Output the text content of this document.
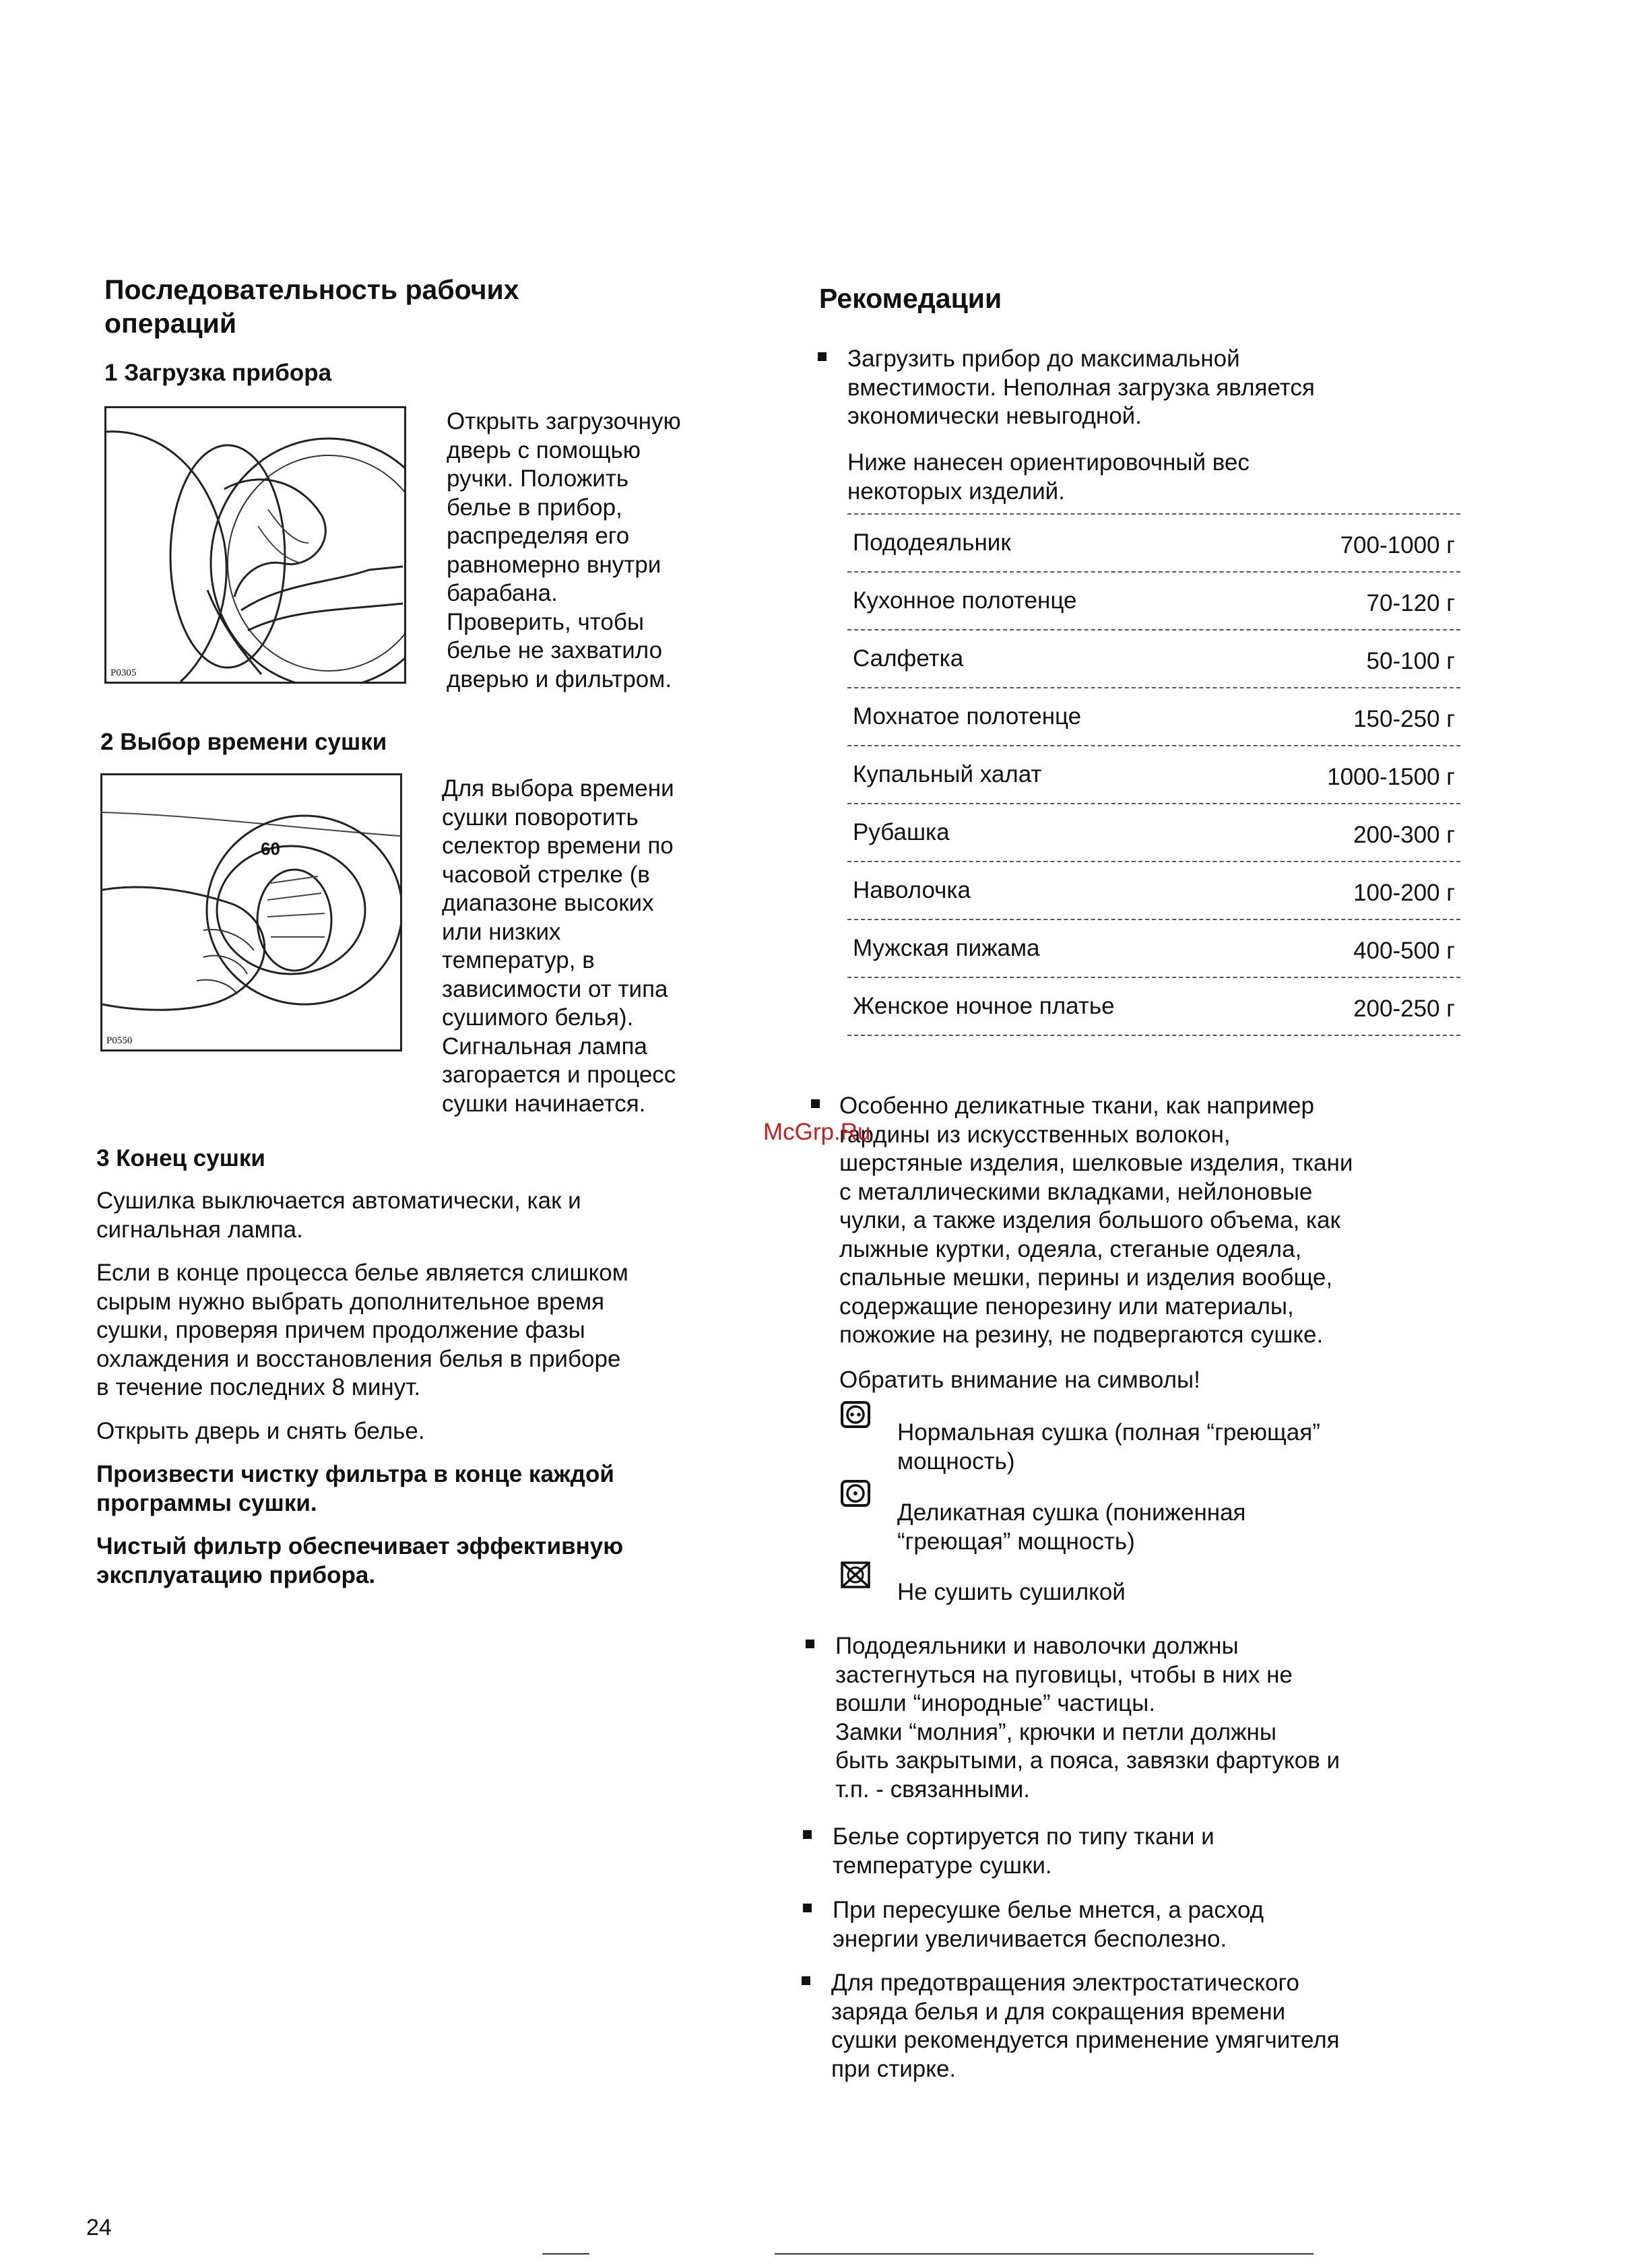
Последовательность рабочих
операций
1 Загрузка прибора
P0305
Открыть загрузочную
дверь с помощью
ручки. Положить
белье в прибор,
распределяя его
равномерно внутри
барабана.
Проверить, чтобы
белье не захватило
дверью и фильтром.
2 Выбор времени сушки
60
P0550
Для выбора времени
сушки поворотить
селектор времени по
часовой стрелке (в
диапазоне высоких
или низких
температур, в
зависимости от типа
сушимого белья).
Сигнальная лампа
загорается и процесс
сушки начинается.
3 Конец сушки

Сушилка выключается автоматически, как и
сигнальная лампа.

Если в конце процесса белье является слишком
сырым нужно выбрать дополнительное время
сушки, проверяя причем продолжение фазы
охлаждения и восстановления белья в приборе
в течение последних 8 минут.

Открыть дверь и снять белье.

Произвести чистку фильтра в конце каждой
программы сушки.

Чистый фильтр обеспечивает эффективную
эксплуатацию прибора.

Рекомедации
Загрузить прибор до максимальной
вместимости. Неполная загрузка является
экономически невыгодной.
Ниже нанесен ориентировочный вес
некоторых изделий.
Пододеяльник	700-1000 г
Кухонное полотенце	70-120 г
Салфетка	50-100 г
Мохнатое полотенце	150-250 г
Купальный халат	1000-1500 г
Рубашка	200-300 г
Наволочка	100-200 г
Мужская пижама	400-500 г
Женское ночное платье	200-250 г
Особенно деликатные ткани, как например
гардины из искусственных волокон,
шерстяные изделия, шелковые изделия, ткани
с металлическими вкладками, нейлоновые
чулки, а также изделия большого объема, как
лыжные куртки, одеяла, стеганые одеяла,
спальные мешки, перины и изделия вообще,
содержащие пенорезину или материалы,
пожожие на резину, не подвергаются сушке.
Обратить внимание на символы!
Нормальная сушка (полная “греющая”
мощность)
Деликатная сушка (пониженная
“греющая” мощность)
Не сушить сушилкой
Пододеяльники и наволочки должны
застегнуться на пуговицы, чтобы в них не
вошли “инородные” частицы.
Замки “молния”, крючки и петли должны
быть закрытыми, а пояса, завязки фартуков и
т.п. - связанными.
Белье сортируется по типу ткани и
температуре сушки.
При пересушке белье мнется, а расход
энергии увеличивается бесполезно.
Для предотвращения электростатического
заряда белья и для сокращения времени
сушки рекомендуется применение умягчителя
при стирке.
McGrp.Ru
24
